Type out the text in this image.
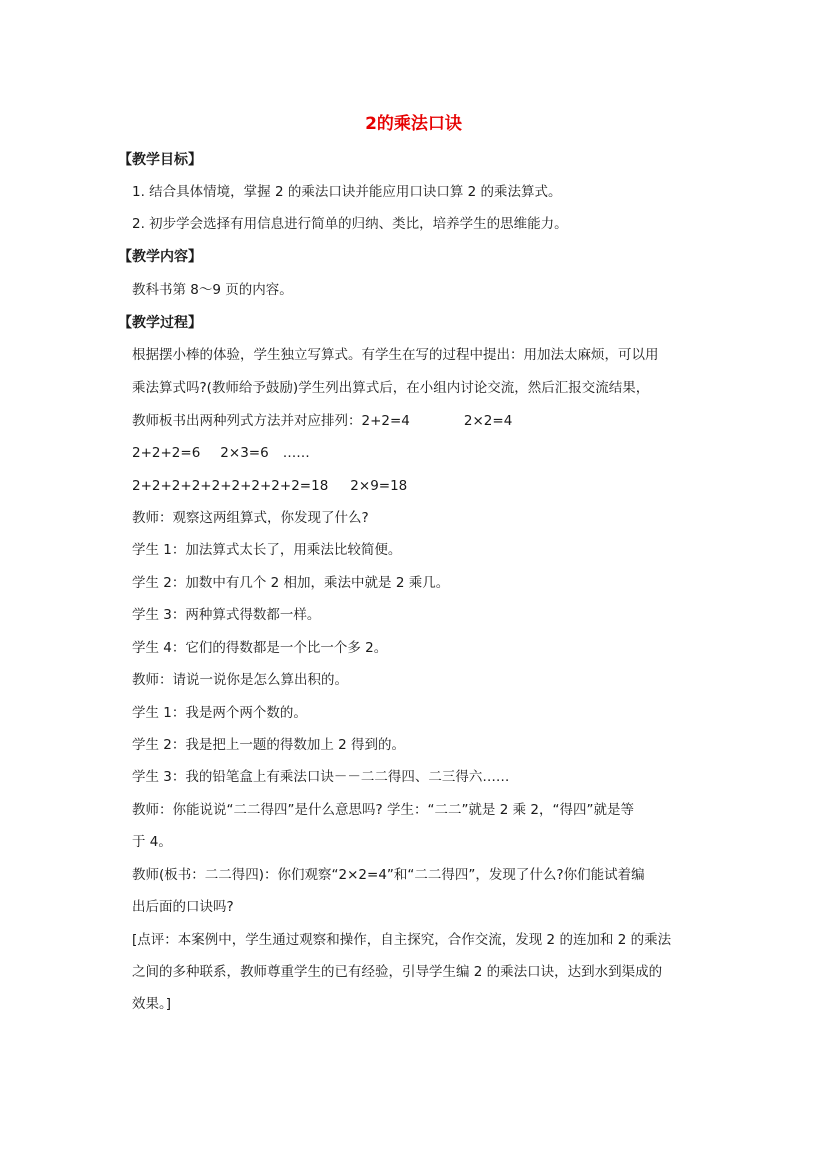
2的乘法口诀
【教学目标】
1. 结合具体情境，掌握 2 的乘法口诀并能应用口诀口算 2 的乘法算式。
2. 初步学会选择有用信息进行简单的归纳、类比，培养学生的思维能力。
【教学内容】
教科书第 8～9 页的内容。
【教学过程】
根据摆小棒的体验，学生独立写算式。有学生在写的过程中提出：用加法太麻烦，可以用
乘法算式吗?(教师给予鼓励)学生列出算式后，在小组内讨论交流，然后汇报交流结果，
教师板书出两种列式方法并对应排列：2+2=4	2×2=4
2+2+2=6 2×3=6 ……
2+2+2+2+2+2+2+2+2=18 2×9=18
教师：观察这两组算式，你发现了什么?
学生 1：加法算式太长了，用乘法比较简便。
学生 2：加数中有几个 2 相加，乘法中就是 2 乘几。
学生 3：两种算式得数都一样。
学生 4：它们的得数都是一个比一个多 2。
教师：请说一说你是怎么算出积的。
学生 1：我是两个两个数的。
学生 2：我是把上一题的得数加上 2 得到的。
学生 3：我的铅笔盒上有乘法口诀－－二二得四、二三得六……
教师：你能说说“二二得四”是什么意思吗? 学生：“二二”就是 2 乘 2，“得四”就是等
于 4。
教师(板书：二二得四)：你们观察“2×2=4”和“二二得四”，发现了什么?你们能试着编
出后面的口诀吗?
[点评：本案例中，学生通过观察和操作，自主探究，合作交流，发现 2 的连加和 2 的乘法
之间的多种联系，教师尊重学生的已有经验，引导学生编 2 的乘法口诀，达到水到渠成的
效果。]
